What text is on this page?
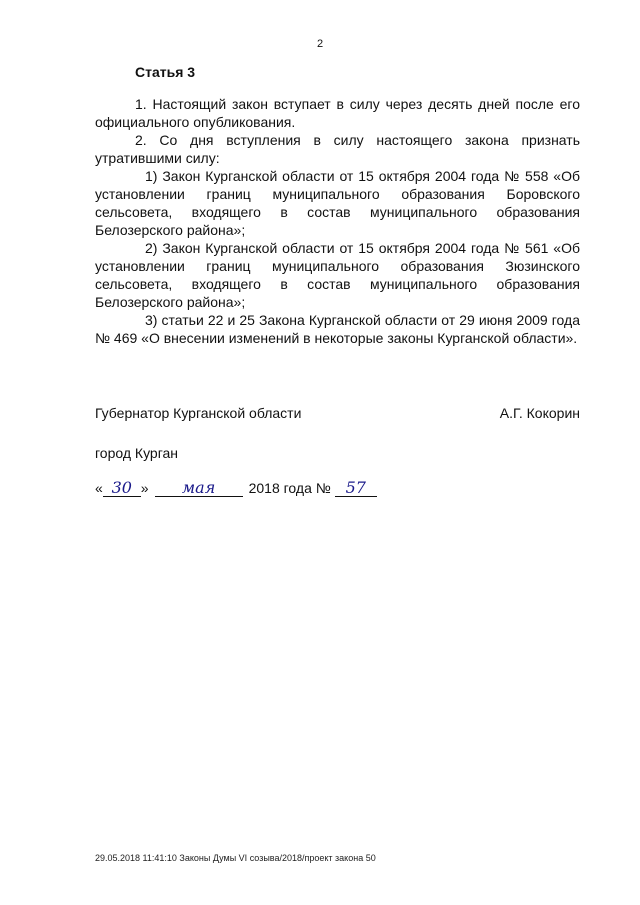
2
Статья 3

1. Настоящий закон вступает в силу через десять дней после его официального опубликования.

2. Со дня вступления в силу настоящего закона признать утратившими силу:

1) Закон Курганской области от 15 октября 2004 года № 558 «Об установлении границ муниципального образования Боровского сельсовета, входящего в состав муниципального образования Белозерского района»;

2) Закон Курганской области от 15 октября 2004 года № 561 «Об установлении границ муниципального образования Зюзинского сельсовета, входящего в состав муниципального образования Белозерского района»;

3) статьи 22 и 25 Закона Курганской области от 29 июня 2009 года № 469 «О внесении изменений в некоторые законы Курганской области».

Губернатор Курганской области	А.Г. Кокорин
город Курган
« 30 »	мая	2018 года № 57
29.05.2018 11:41:10 Законы Думы VI созыва/2018/проект закона 50
